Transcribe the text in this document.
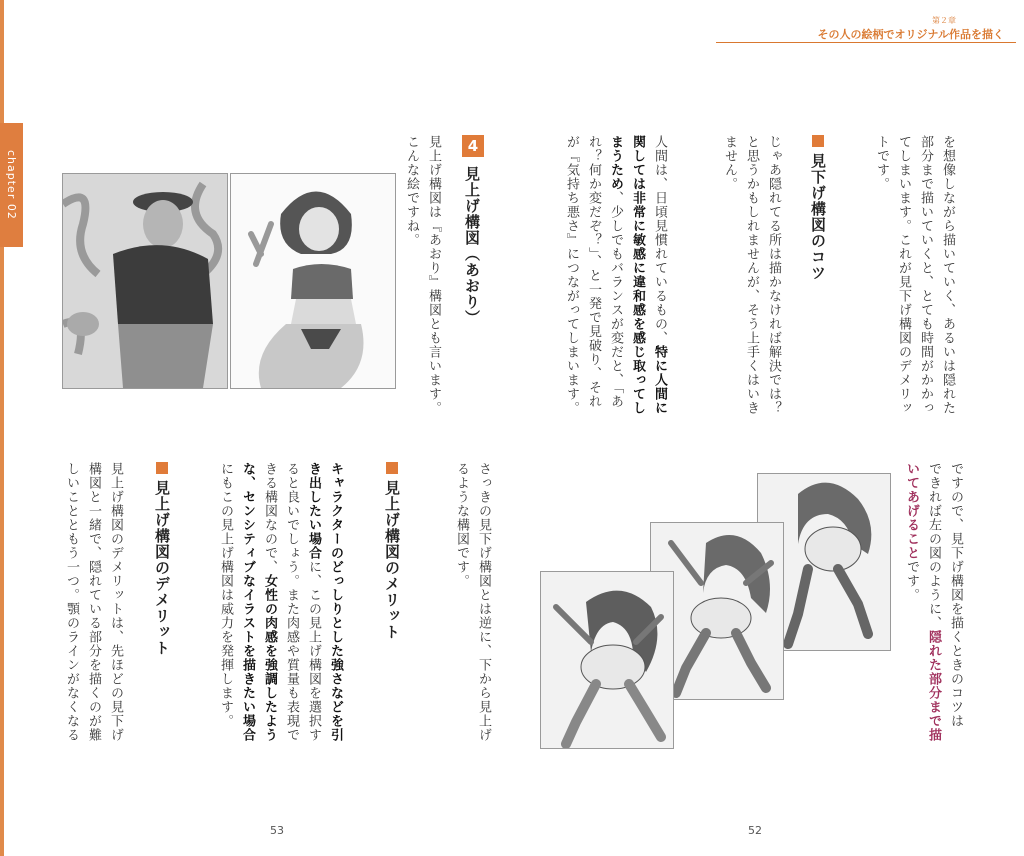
chapter 02
第２章
その人の絵柄でオリジナル作品を描く
を想像しながら描いていく、あるいは隠れた
部分まで描いていくと、とても時間がかかっ
てしまいます。これが見下げ構図のデメリッ
トです。
見下げ構図のコツ
じゃあ隠れてる所は描かなければ解決では？
と思うかもしれませんが、そう上手くはいき
ません。
人間は、日頃見慣れているもの、特に人間に
関しては非常に敏感に違和感を感じ取ってし
まうため、少しでもバランスが変だと、「あ
れ？何か変だぞ？」、と一発で見破り、それ
が『気持ち悪さ』につながってしまいます。
ですので、見下げ構図を描くときのコツは
できれば左の図のように、隠れた部分まで描
いてあげることです。
4
見上げ構図（あおり）
見上げ構図は『あおり』構図とも言います。
こんな絵ですね。
さっきの見下げ構図とは逆に、下から見上げ
るような構図です。
見上げ構図のメリット
キャラクターのどっしりとした強さなどを引
き出したい場合に、この見上げ構図を選択す
ると良いでしょう。また肉感や質量も表現で
きる構図なので、女性の肉感を強調したよう
な、センシティブなイラストを描きたい場合
にもこの見上げ構図は威力を発揮します。
見上げ構図のデメリット
見上げ構図のデメリットは、先ほどの見下げ
構図と一緒で、隠れている部分を描くのが難
しいことともう一つ。顎のラインがなくなる
53	52
